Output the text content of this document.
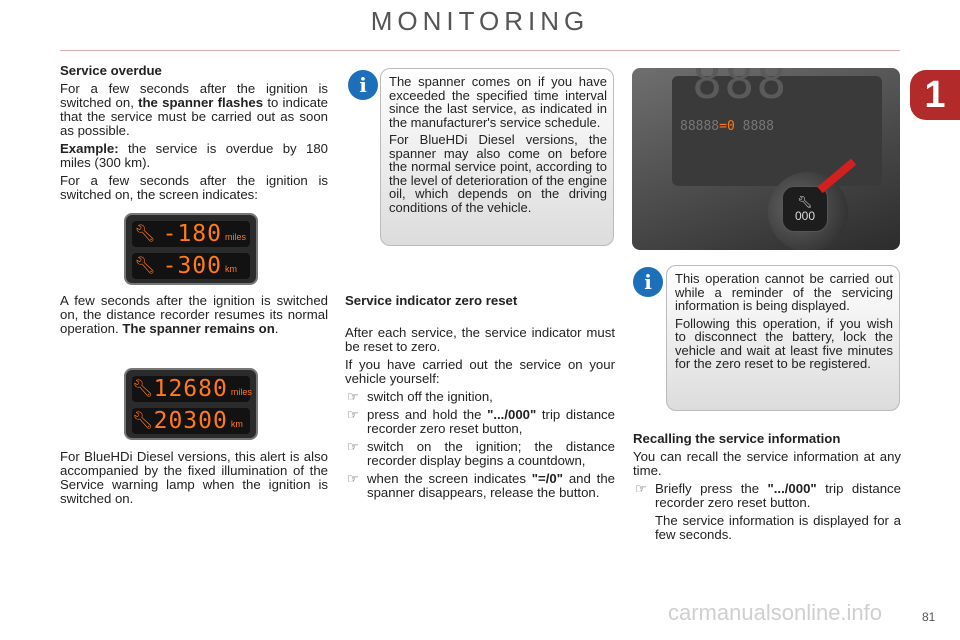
MONITORING
1
Service overdue

For a few seconds after the ignition is switched on, the spanner flashes to indicate that the service must be carried out as soon as possible.

Example: the service is overdue by 180 miles (300 km).

For a few seconds after the ignition is switched on, the screen indicates:

🔧︎ -180 miles
🔧︎ -300 km

A few seconds after the ignition is switched on, the distance recorder resumes its normal operation. The spanner remains on.

🔧︎ 12680 miles
🔧︎ 20300 km

For BlueHDi Diesel versions, this alert is also accompanied by the fixed illumination of the Service warning lamp when the ignition is switched on.

i	The spanner comes on if you have exceeded the specified time interval since the last service, as indicated in the manufacturer's service schedule.

For BlueHDi Diesel versions, the spanner may also come on before the normal service point, according to the level of deterioration of the engine oil, which depends on the driving conditions of the vehicle.

88888=0 8888
🔧︎
000
Service indicator zero reset

After each service, the service indicator must be reset to zero.

If you have carried out the service on your vehicle yourself:

☞ switch off the ignition,
☞ press and hold the ".../000" trip distance recorder zero reset button,
☞ switch on the ignition; the distance recorder display begins a countdown,
☞ when the screen indicates "=/0" and the spanner disappears, release the button.
i	This operation cannot be carried out while a reminder of the servicing information is being displayed.

Following this operation, if you wish to disconnect the battery, lock the vehicle and wait at least five minutes for the zero reset to be registered.

Recalling the service information

You can recall the service information at any time.

☞ Briefly press the ".../000" trip distance recorder zero reset button.

The service information is displayed for a few seconds.

carmanualsonline.info	81
